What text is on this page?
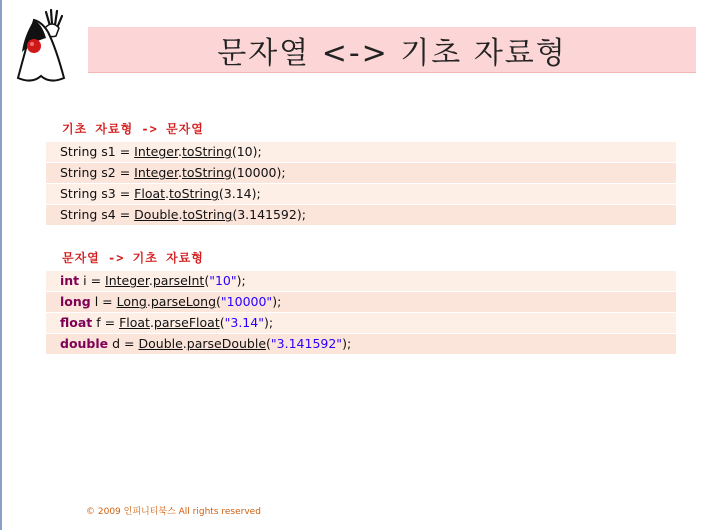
문자열 <-> 기초 자료형
기초 자료형 -> 문자열
String s1 = Integer.toString(10);
String s2 = Integer.toString(10000);
String s3 = Float.toString(3.14);
String s4 = Double.toString(3.141592);
문자열 -> 기초 자료형
int i = Integer.parseInt("10");
long l = Long.parseLong("10000");
float f = Float.parseFloat("3.14");
double d = Double.parseDouble("3.141592");
© 2009 인피니티북스 All rights reserved
